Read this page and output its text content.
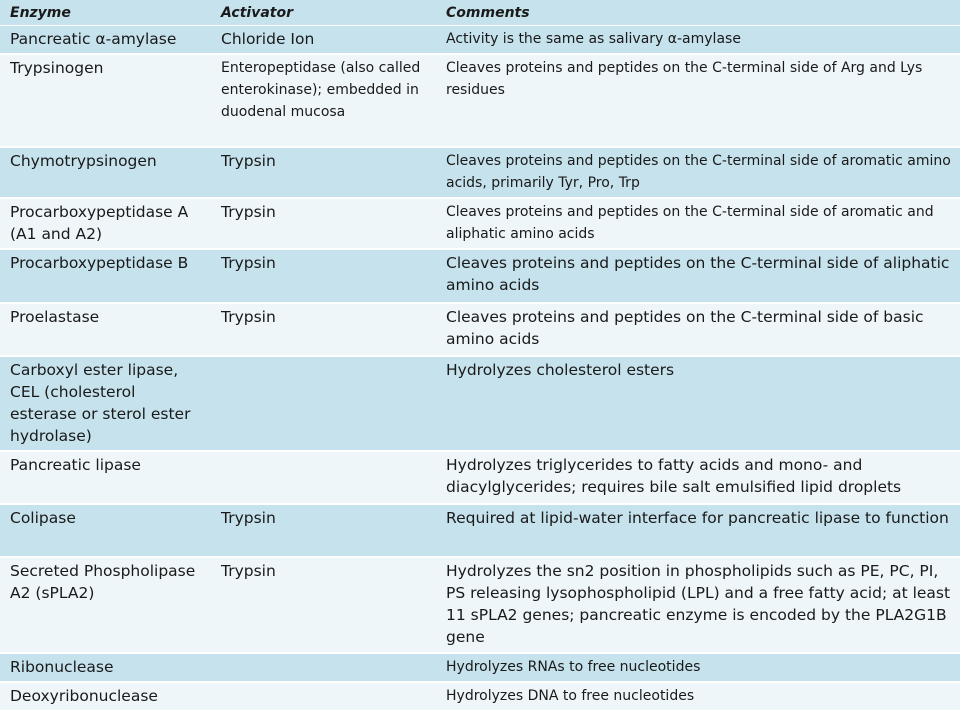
Enzyme	Activator	Comments
Pancreatic α-amylase	Chloride Ion	Activity is the same as salivary α-amylase
Trypsinogen	Enteropeptidase (also called enterokinase); embedded in duodenal mucosa	Cleaves proteins and peptides on the C-terminal side of Arg and Lys residues
Chymotrypsinogen	Trypsin	Cleaves proteins and peptides on the C-terminal side of aromatic amino acids, primarily Tyr, Pro, Trp
Procarboxypeptidase A (A1 and A2)	Trypsin	Cleaves proteins and peptides on the C-terminal side of aromatic and aliphatic amino acids
Procarboxypeptidase B	Trypsin	Cleaves proteins and peptides on the C-terminal side of aliphatic amino acids
Proelastase	Trypsin	Cleaves proteins and peptides on the C-terminal side of basic amino acids
Carboxyl ester lipase, CEL (cholesterol esterase or sterol ester hydrolase)		Hydrolyzes cholesterol esters
Pancreatic lipase		Hydrolyzes triglycerides to fatty acids and mono- and diacylglycerides; requires bile salt emulsified lipid droplets
Colipase	Trypsin	Required at lipid-water interface for pancreatic lipase to function
Secreted Phospholipase A2 (sPLA2)	Trypsin	Hydrolyzes the sn2 position in phospholipids such as PE, PC, PI, PS releasing lysophospholipid (LPL) and a free fatty acid; at least 11 sPLA2 genes; pancreatic enzyme is encoded by the PLA2G1B gene
Ribonuclease		Hydrolyzes RNAs to free nucleotides
Deoxyribonuclease		Hydrolyzes DNA to free nucleotides
